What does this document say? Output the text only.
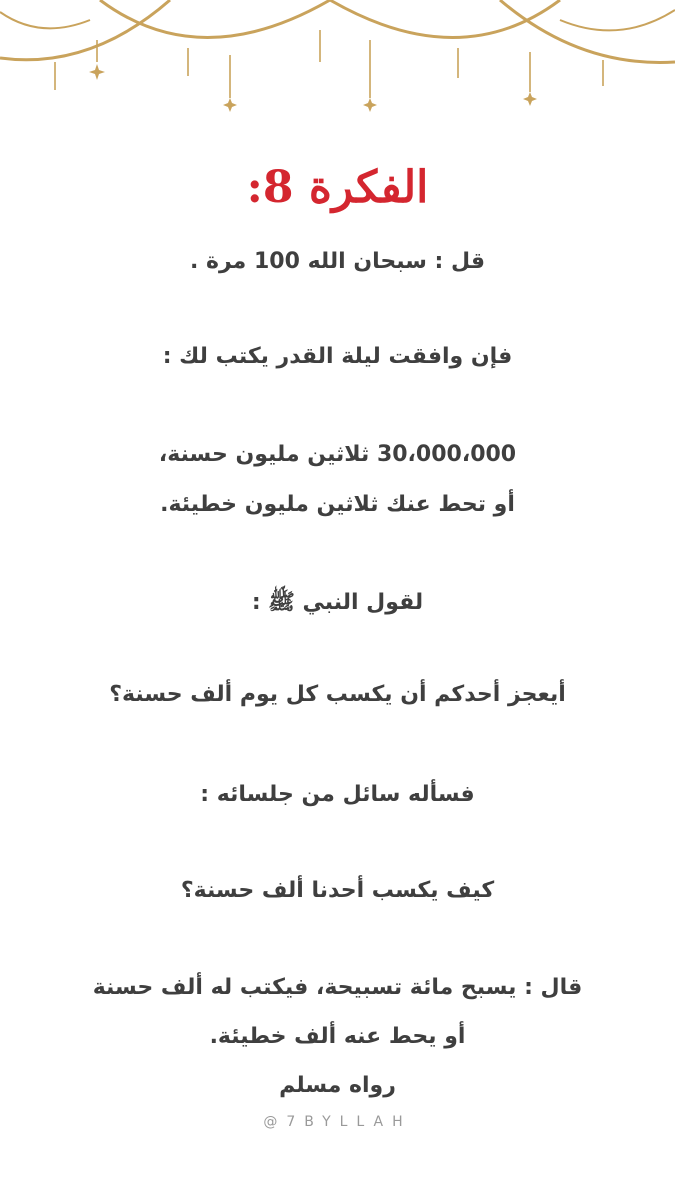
الفكرة 8:
قل : سبحان الله 100 مرة .
فإن وافقت ليلة القدر يكتب لك :
30،000،000 ثلاثين مليون حسنة،
أو تحط عنك ثلاثين مليون خطيئة.
لقول النبي ﷺ :
أيعجز أحدكم أن يكسب كل يوم ألف حسنة؟
فسأله سائل من جلسائه :
كيف يكسب أحدنا ألف حسنة؟
قال : يسبح مائة تسبيحة، فيكتب له ألف حسنة
أو يحط عنه ألف خطيئة.
رواه مسلم
@7BYLLAH
